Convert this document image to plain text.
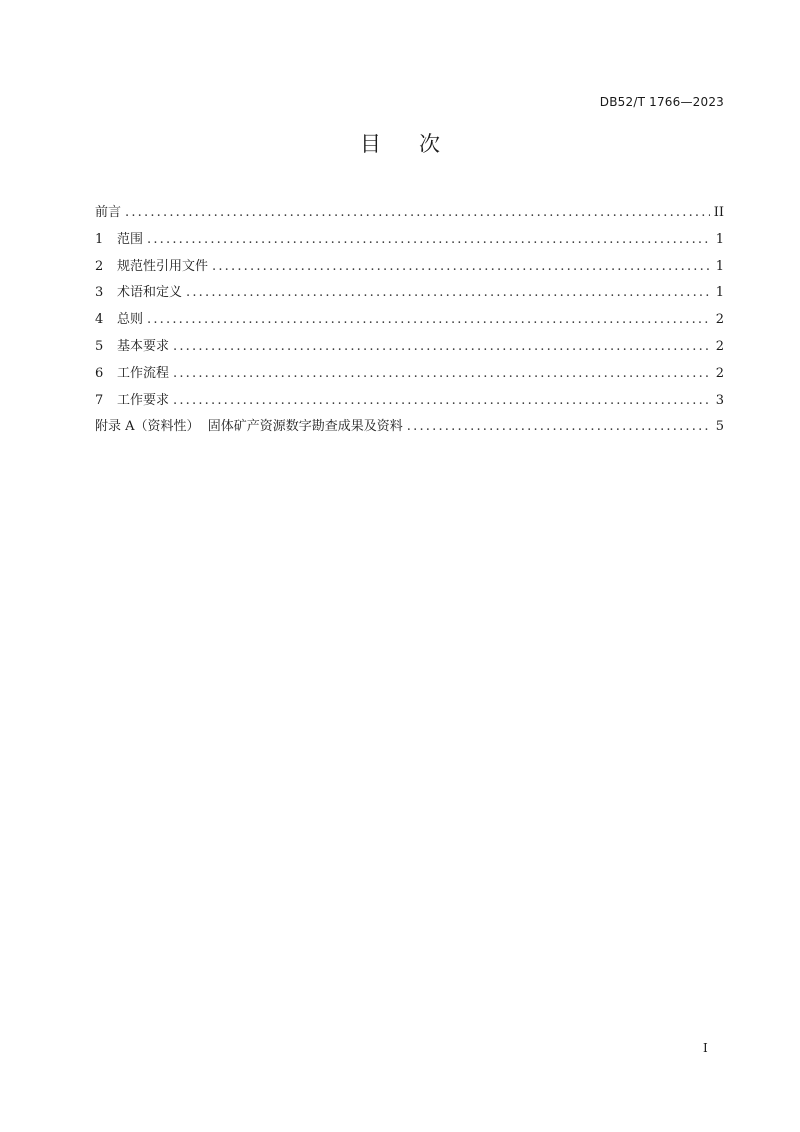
DB52/T 1766—2023
目 次
前言 .....	II
1	范围 .....	1
2	规范性引用文件 .....	1
3	术语和定义 .....	1
4	总则 .....	2
5	基本要求 .....	2
6	工作流程 .....	2
7	工作要求 .....	3
附录 A（资料性）  固体矿产资源数字勘查成果及资料 .....	5
I
